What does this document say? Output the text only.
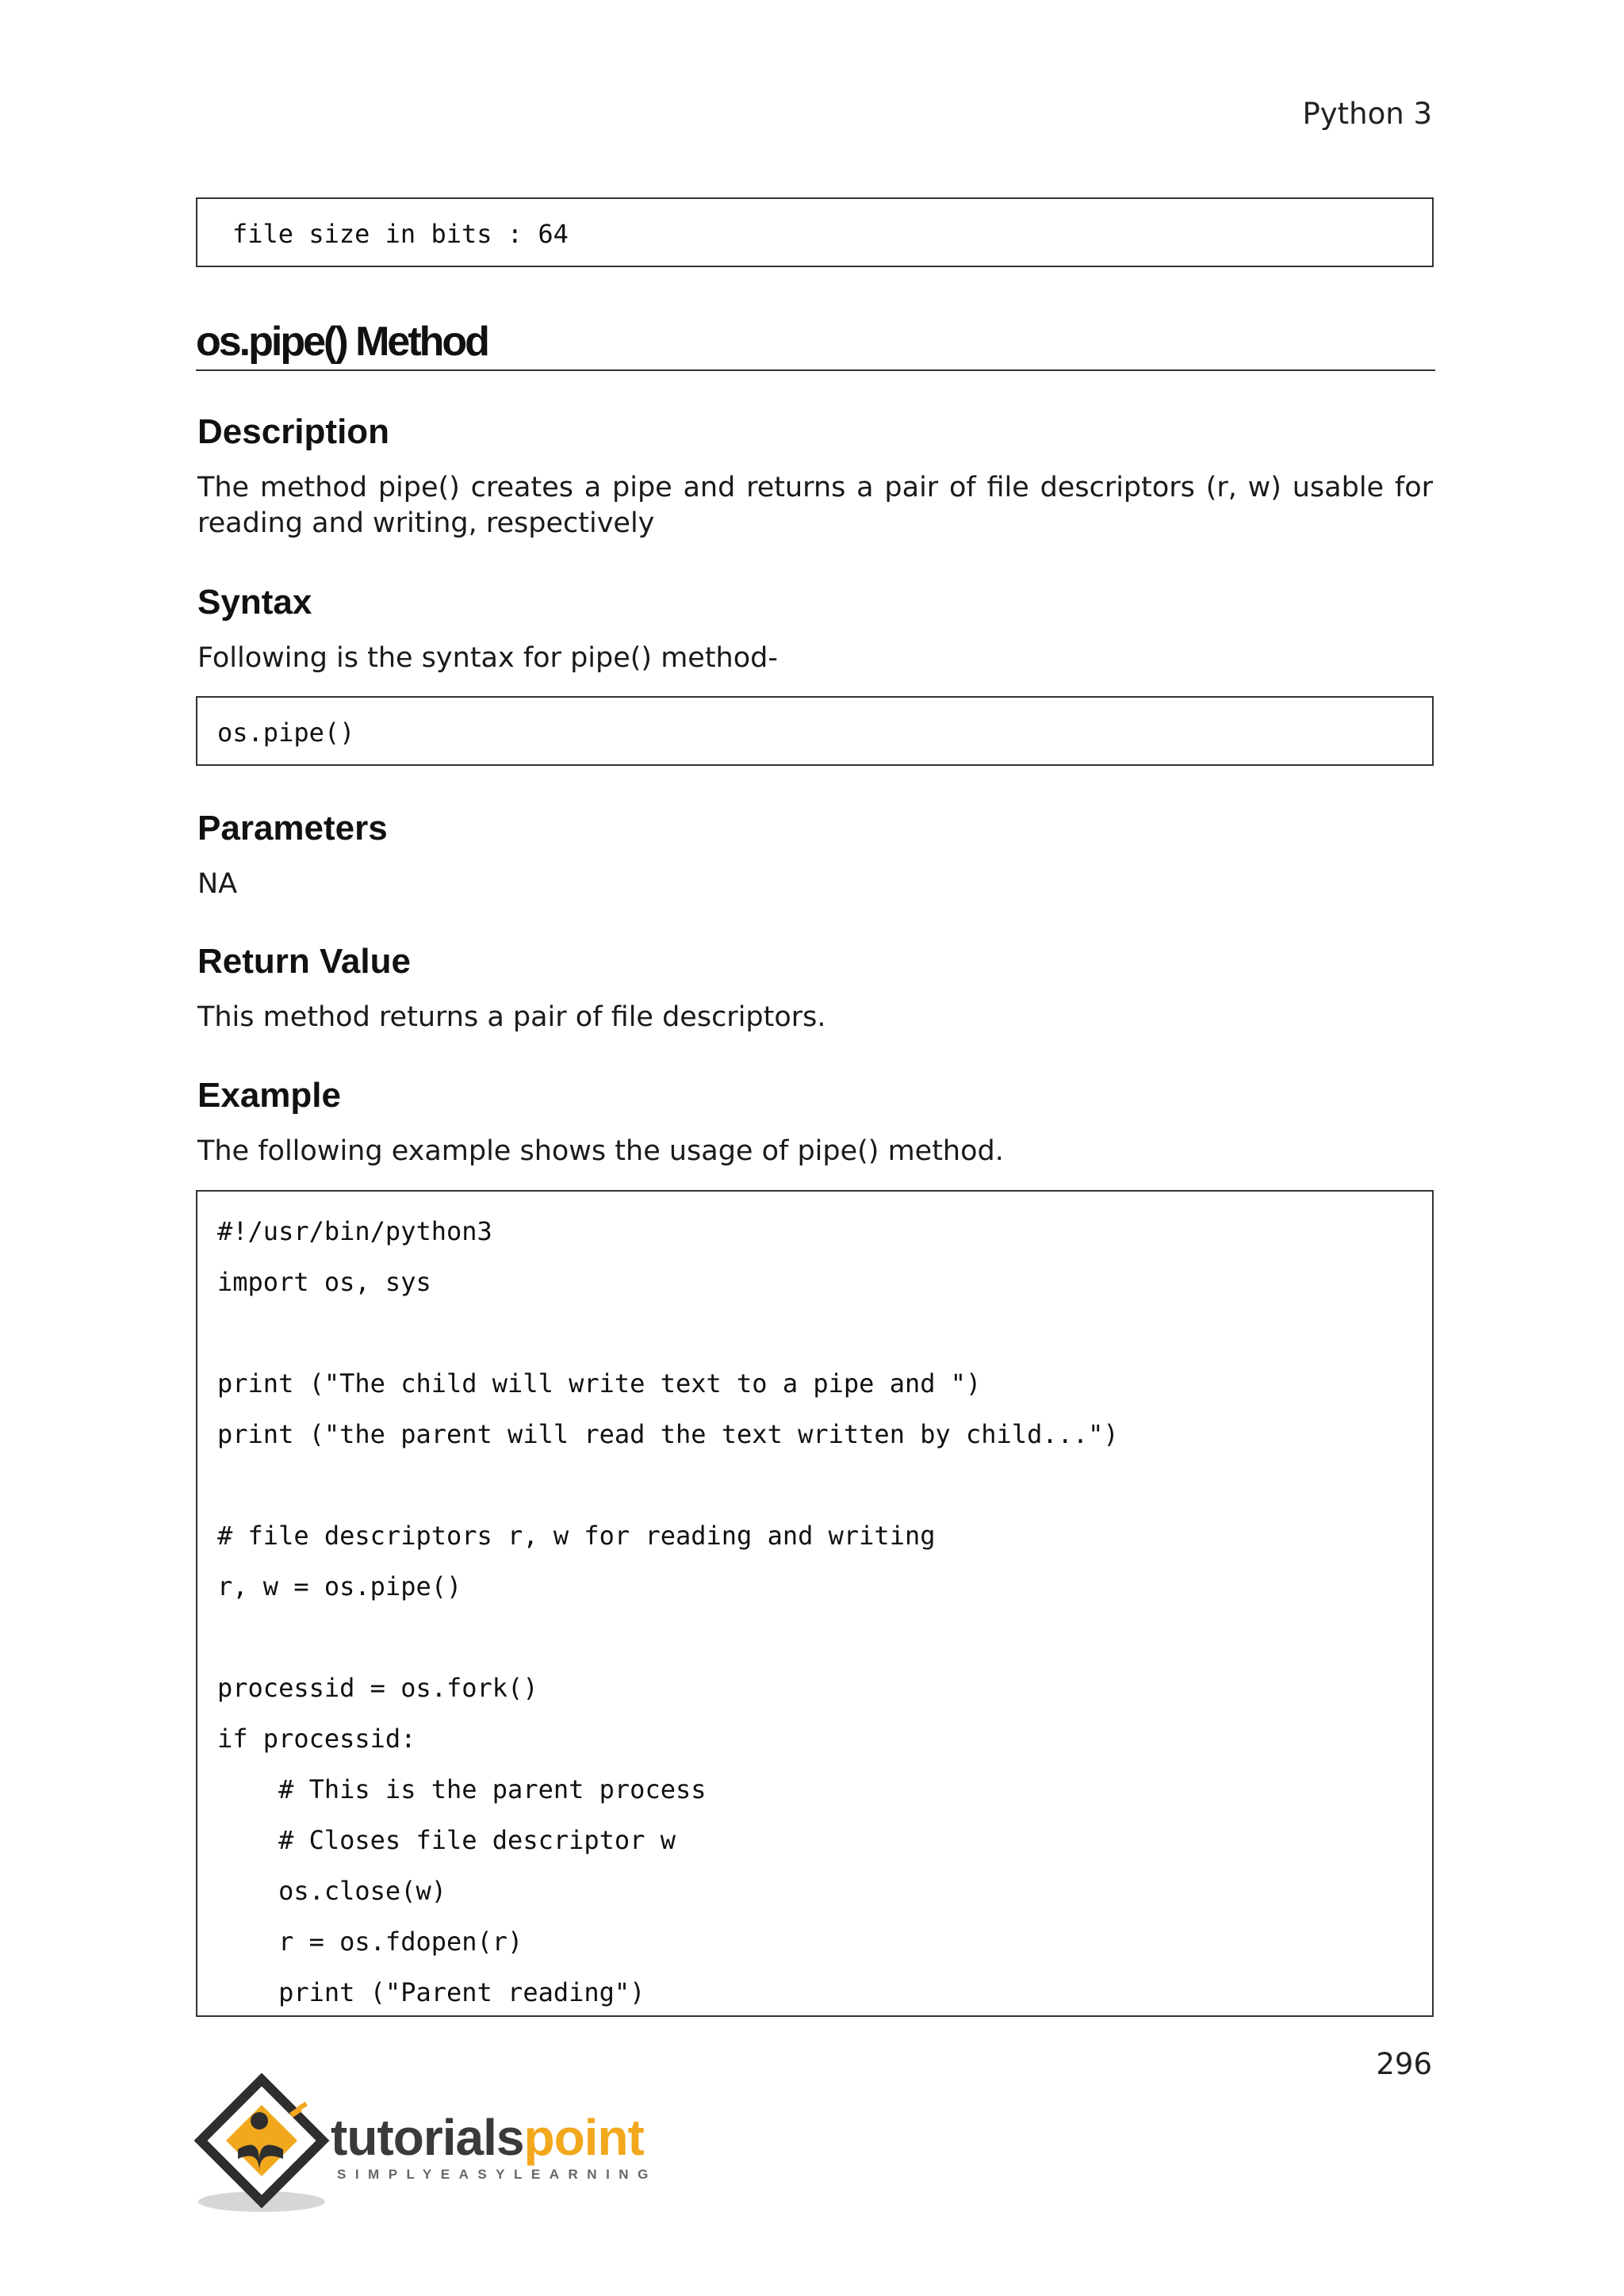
Python 3
file size in bits : 64
os.pipe() Method
Description
The method pipe() creates a pipe and returns a pair of file descriptors (r, w) usable for reading and writing, respectively
Syntax
Following is the syntax for pipe() method-
os.pipe()
Parameters
NA
Return Value
This method returns a pair of file descriptors.
Example
The following example shows the usage of pipe() method.
#!/usr/bin/python3
import os, sys
print ("The child will write text to a pipe and ")
print ("the parent will read the text written by child...")
# file descriptors r, w for reading and writing
r, w = os.pipe()
processid = os.fork()
if processid:
# This is the parent process
# Closes file descriptor w
os.close(w)
r = os.fdopen(r)
print ("Parent reading")
296
tutorialspoint
SIMPLYEASYLEARNING
